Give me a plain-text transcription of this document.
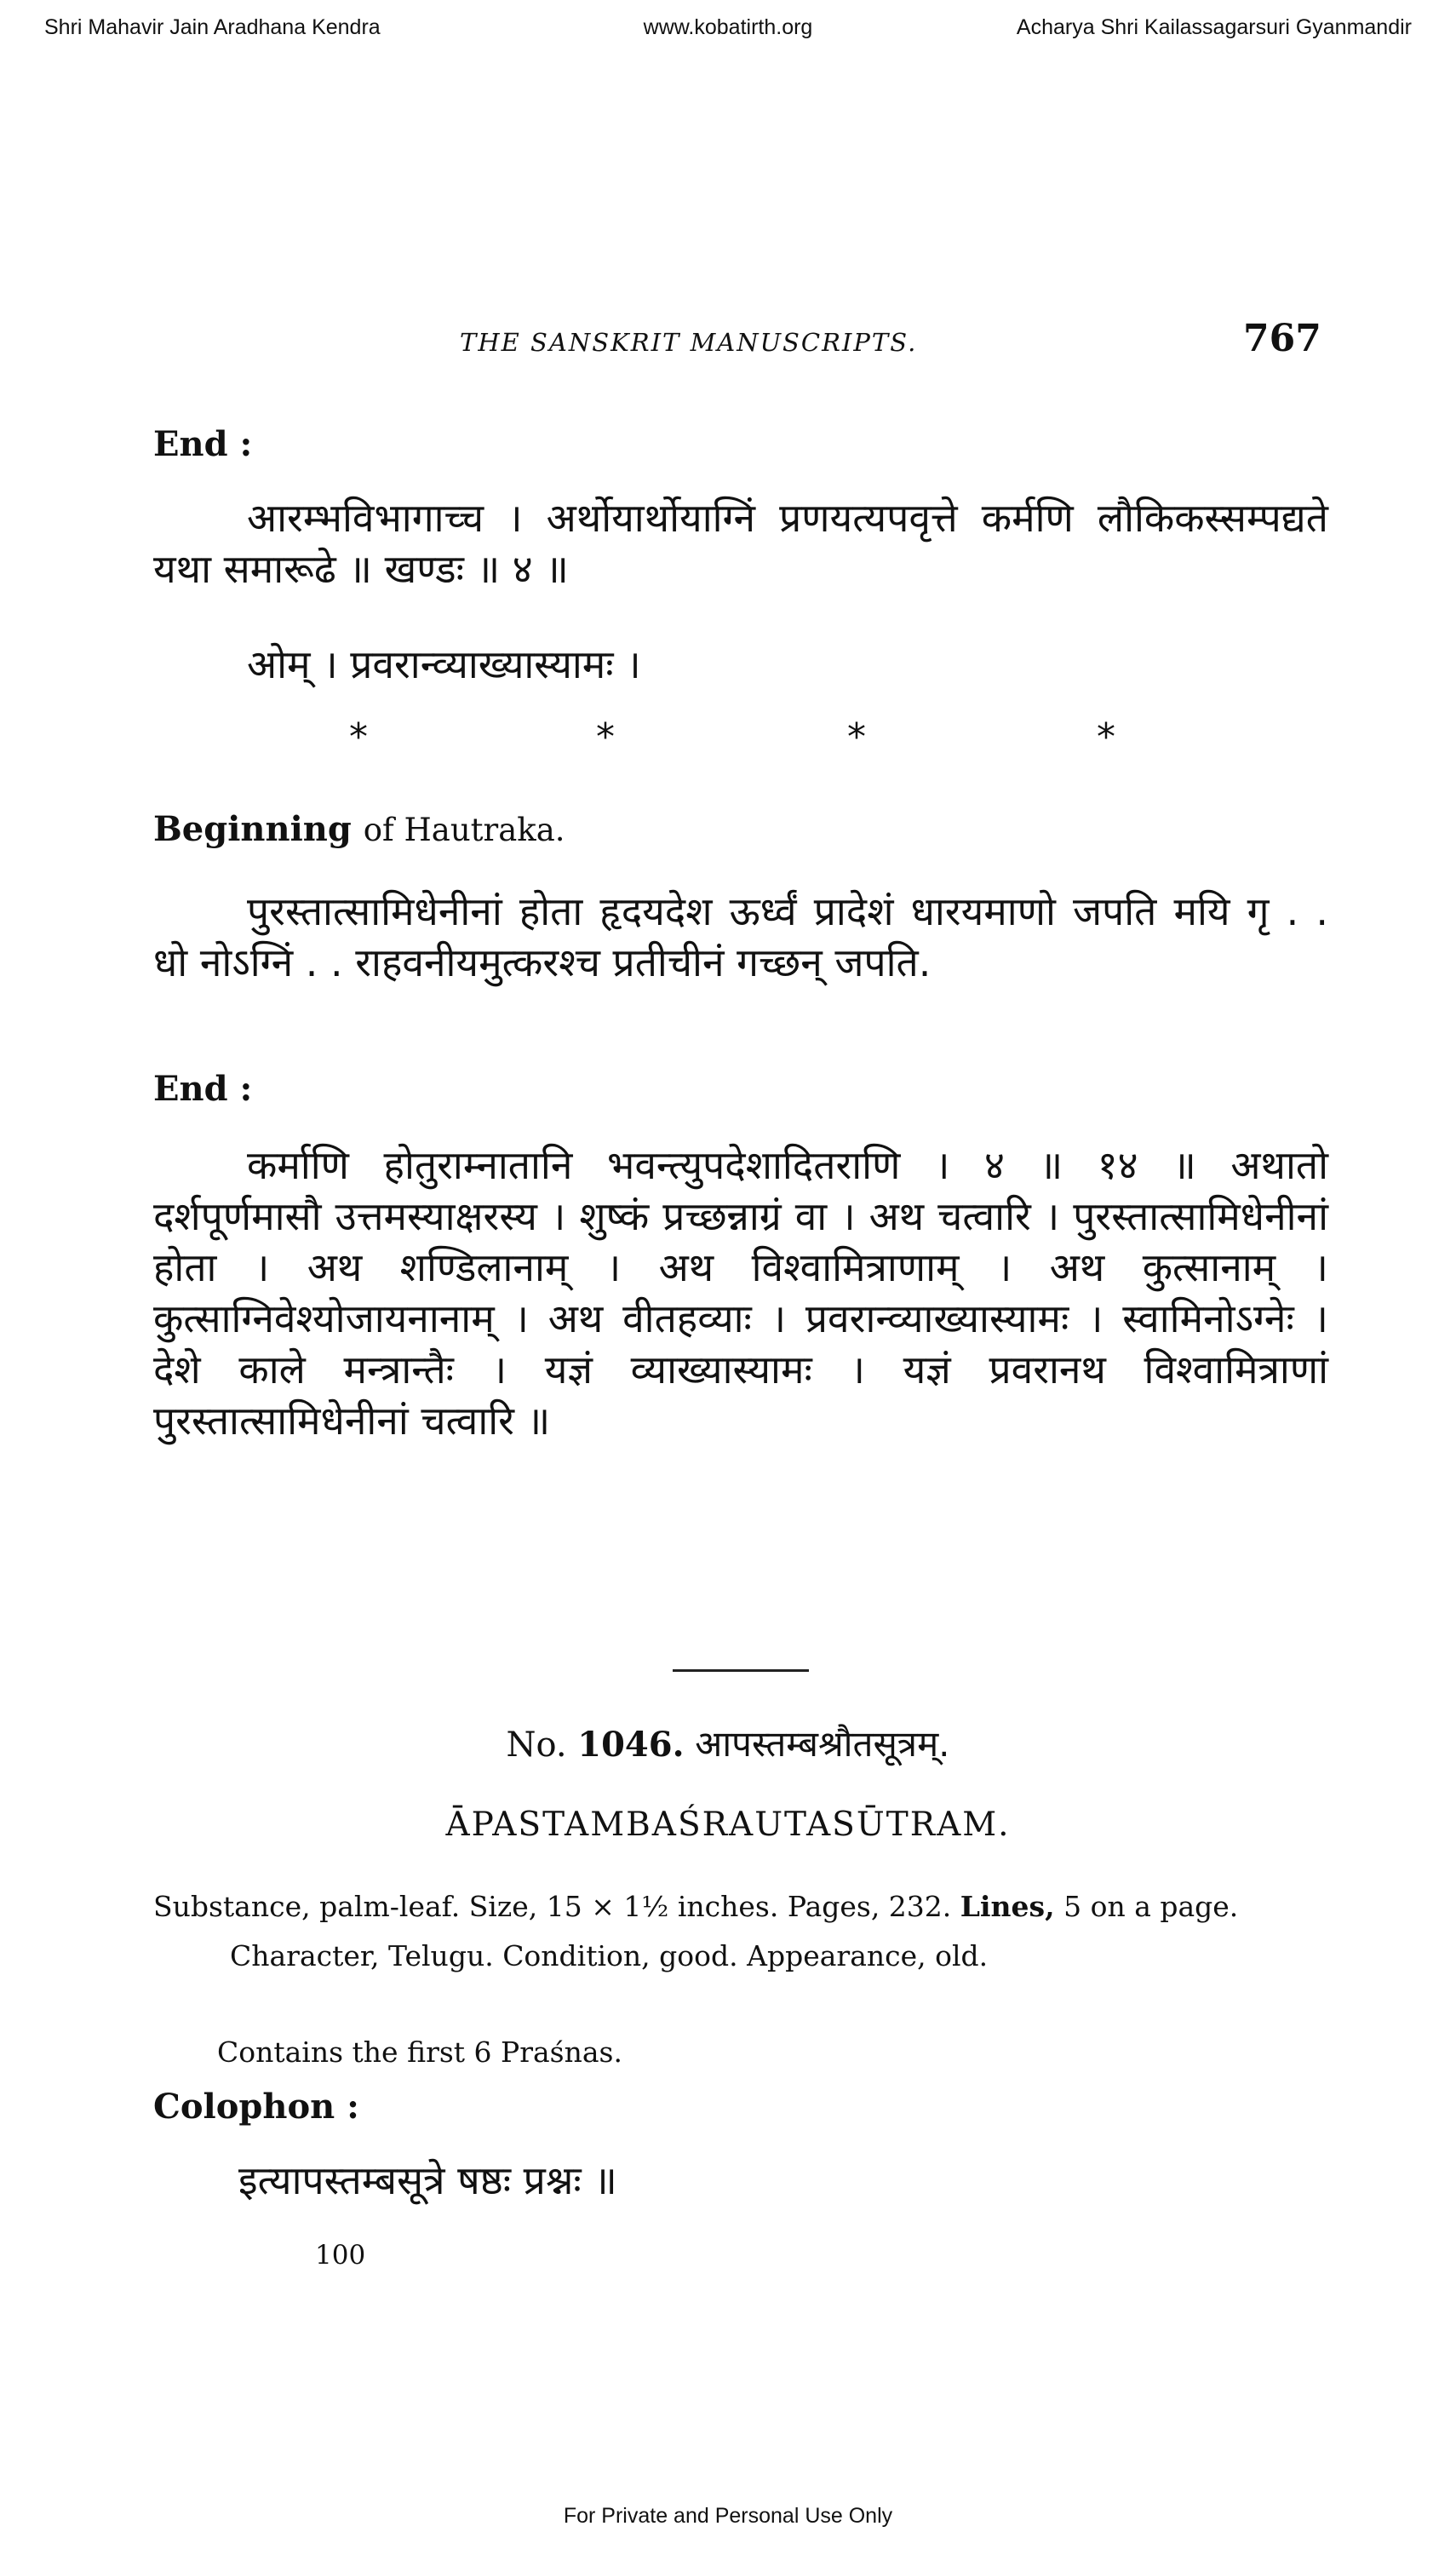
Shri Mahavir Jain Aradhana Kendra	www.kobatirth.org	Acharya Shri Kailassagarsuri Gyanmandir
THE SANSKRIT MANUSCRIPTS.	767
End :
आरम्भविभागाच्च । अर्थोयार्थोयाग्निं प्रणयत्यपवृत्ते कर्मणि लौकिकस्सम्पद्यते यथा समारूढे ॥ खण्डः ॥ ४ ॥
ओम् । प्रवरान्व्याख्यास्यामः ।
*	*	*	*
Beginning of Hautraka.
पुरस्तात्सामिधेनीनां होता हृदयदेश ऊर्ध्वं प्रादेशं धारयमाणो जपति मयि गृ . . धो नोऽग्निं . . राहवनीयमुत्करश्च प्रतीचीनं गच्छन् जपति.
End :
कर्माणि होतुराम्नातानि भवन्त्युपदेशादितराणि । ४ ॥ १४ ॥ अथातो दर्शपूर्णमासौ उत्तमस्याक्षरस्य । शुष्कं प्रच्छन्नाग्रं वा । अथ चत्वारि । पुरस्तात्सामिधेनीनां होता । अथ शण्डिलानाम् । अथ विश्वामित्राणाम् । अथ कुत्सानाम् । कुत्साग्निवेश्योजायनानाम् । अथ वीतहव्याः । प्रवरान्व्याख्यास्यामः । स्वामिनोऽग्नेः । देशे काले मन्त्रान्तैः । यज्ञं व्याख्यास्यामः । यज्ञं प्रवरानथ विश्वामित्राणां पुरस्तात्सामिधेनीनां चत्वारि ॥
No. 1046. आपस्तम्बश्रौतसूत्रम्.
ĀPASTAMBAŚRAUTASŪTRAM.
Substance, palm-leaf. Size, 15 × 1½ inches. Pages, 232. Lines, 5 on a page. Character, Telugu. Condition, good. Appearance, old.
Contains the first 6 Praśnas.
Colophon :
इत्यापस्तम्बसूत्रे षष्ठः प्रश्नः ॥
100
For Private and Personal Use Only
